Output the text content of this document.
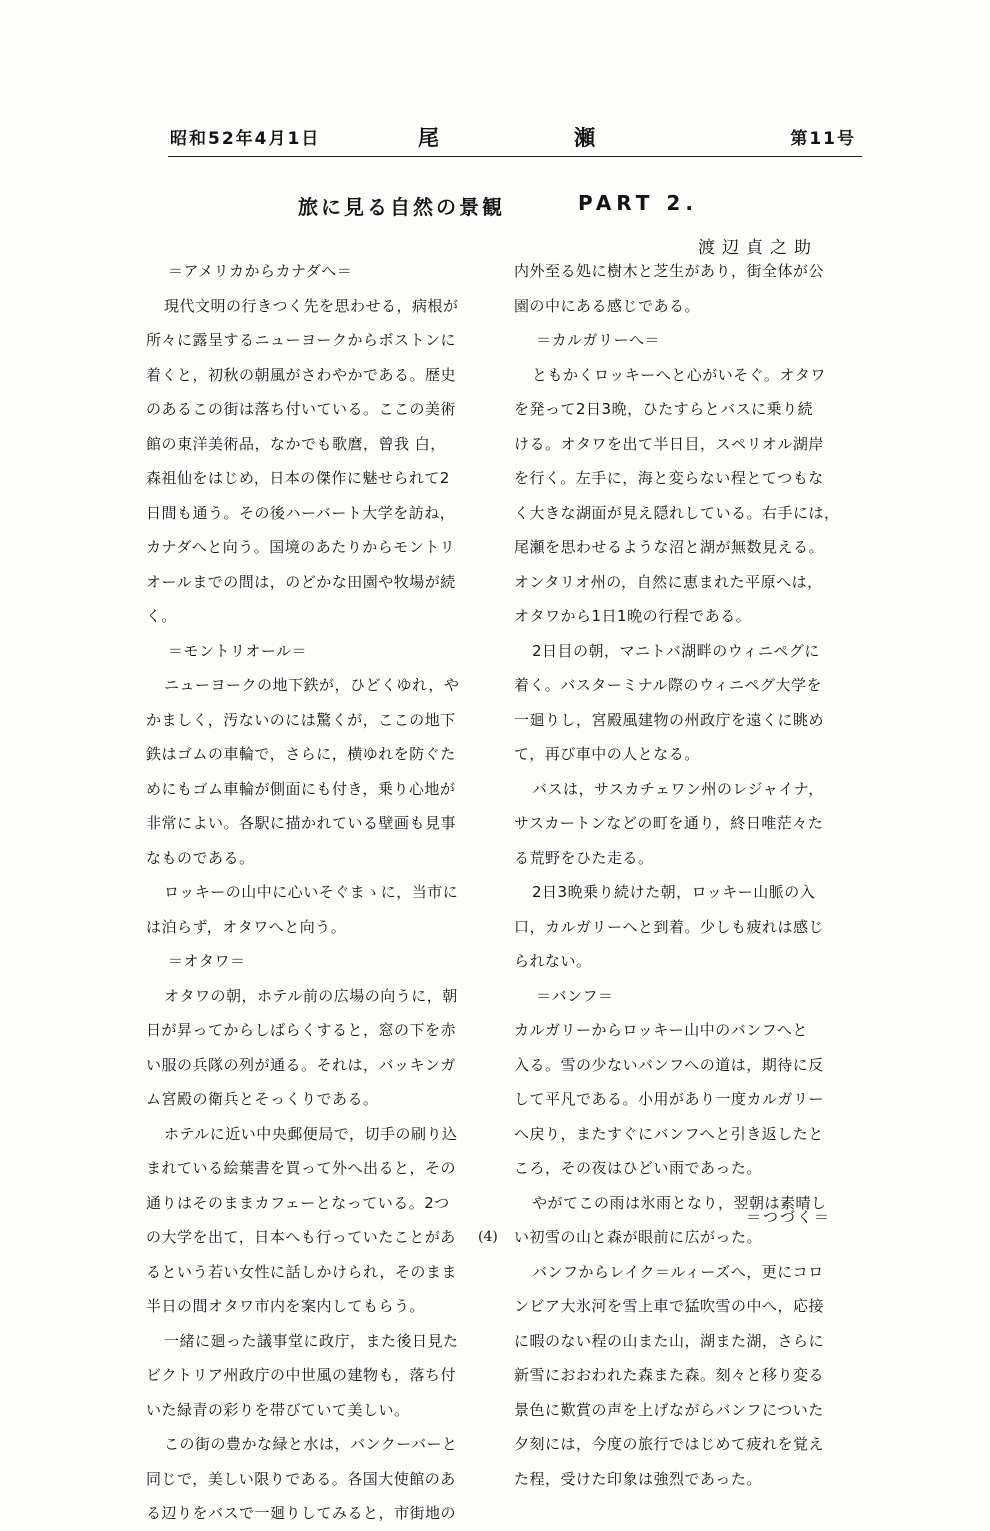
昭和52年4月1日	尾	瀬	第11号
旅に見る自然の景観	PART 2.
渡辺貞之助
＝アメリカからカナダへ＝
現代文明の行きつく先を思わせる，病根が
所々に露呈するニューヨークからボストンに
着くと，初秋の朝風がさわやかである。歴史
のあるこの街は落ち付いている。ここの美術
館の東洋美術品，なかでも歌麿，曾我 白，
森祖仙をはじめ，日本の傑作に魅せられて2
日間も通う。その後ハーバート大学を訪ね，
カナダへと向う。国境のあたりからモントリ
オールまでの間は，のどかな田園や牧場が続
く。
＝モントリオール＝
ニューヨークの地下鉄が，ひどくゆれ，や
かましく，汚ないのには驚くが，ここの地下
鉄はゴムの車輪で，さらに，横ゆれを防ぐた
めにもゴム車輪が側面にも付き，乗り心地が
非常によい。各駅に描かれている壁画も見事
なものである。
ロッキーの山中に心いそぐまゝに，当市に
は泊らず，オタワへと向う。
＝オタワ＝
オタワの朝，ホテル前の広場の向うに，朝
日が昇ってからしばらくすると，窓の下を赤
い服の兵隊の列が通る。それは，バッキンガ
ム宮殿の衛兵とそっくりである。
ホテルに近い中央郵便局で，切手の刷り込
まれている絵葉書を買って外へ出ると，その
通りはそのままカフェーとなっている。2つ
の大学を出て，日本へも行っていたことがあ
るという若い女性に話しかけられ，そのまま
半日の間オタワ市内を案内してもらう。
一緒に廻った議事堂に政庁，また後日見た
ビクトリア州政庁の中世風の建物も，落ち付
いた緑青の彩りを帯びていて美しい。
この街の豊かな緑と水は，バンクーバーと
同じで，美しい限りである。各国大使館のあ
る辺りをバスで一廻りしてみると，市街地の
内外至る処に樹木と芝生があり，街全体が公
園の中にある感じである。
＝カルガリーへ＝
ともかくロッキーへと心がいそぐ。オタワ
を発って2日3晩，ひたすらとバスに乗り続
ける。オタワを出て半日目，スペリオル湖岸
を行く。左手に，海と変らない程とてつもな
く大きな湖面が見え隠れしている。右手には，
尾瀬を思わせるような沼と湖が無数見える。
オンタリオ州の，自然に恵まれた平原へは，
オタワから1日1晩の行程である。
2日目の朝，マニトバ湖畔のウィニペグに
着く。バスターミナル際のウィニペグ大学を
一廻りし，宮殿風建物の州政庁を遠くに眺め
て，再び車中の人となる。
バスは，サスカチェワン州のレジャイナ，
サスカートンなどの町を通り，終日唯茫々た
る荒野をひた走る。
2日3晩乗り続けた朝，ロッキー山脈の入
口，カルガリーへと到着。少しも疲れは感じ
られない。
＝バンフ＝
カルガリーからロッキー山中のバンフへと
入る。雪の少ないバンフへの道は，期待に反
して平凡である。小用があり一度カルガリー
へ戻り，またすぐにバンフへと引き返したと
ころ，その夜はひどい雨であった。
やがてこの雨は氷雨となり，翌朝は素晴し
い初雪の山と森が眼前に広がった。
バンフからレイク＝ルィーズへ，更にコロ
ンビア大氷河を雪上車で猛吹雪の中へ，応接
に暇のない程の山また山，湖また湖，さらに
新雪におおわれた森また森。刻々と移り変る
景色に歎賞の声を上げながらバンフについた
夕刻には，今度の旅行ではじめて疲れを覚え
た程，受けた印象は強烈であった。
＝つづく＝
(4)
